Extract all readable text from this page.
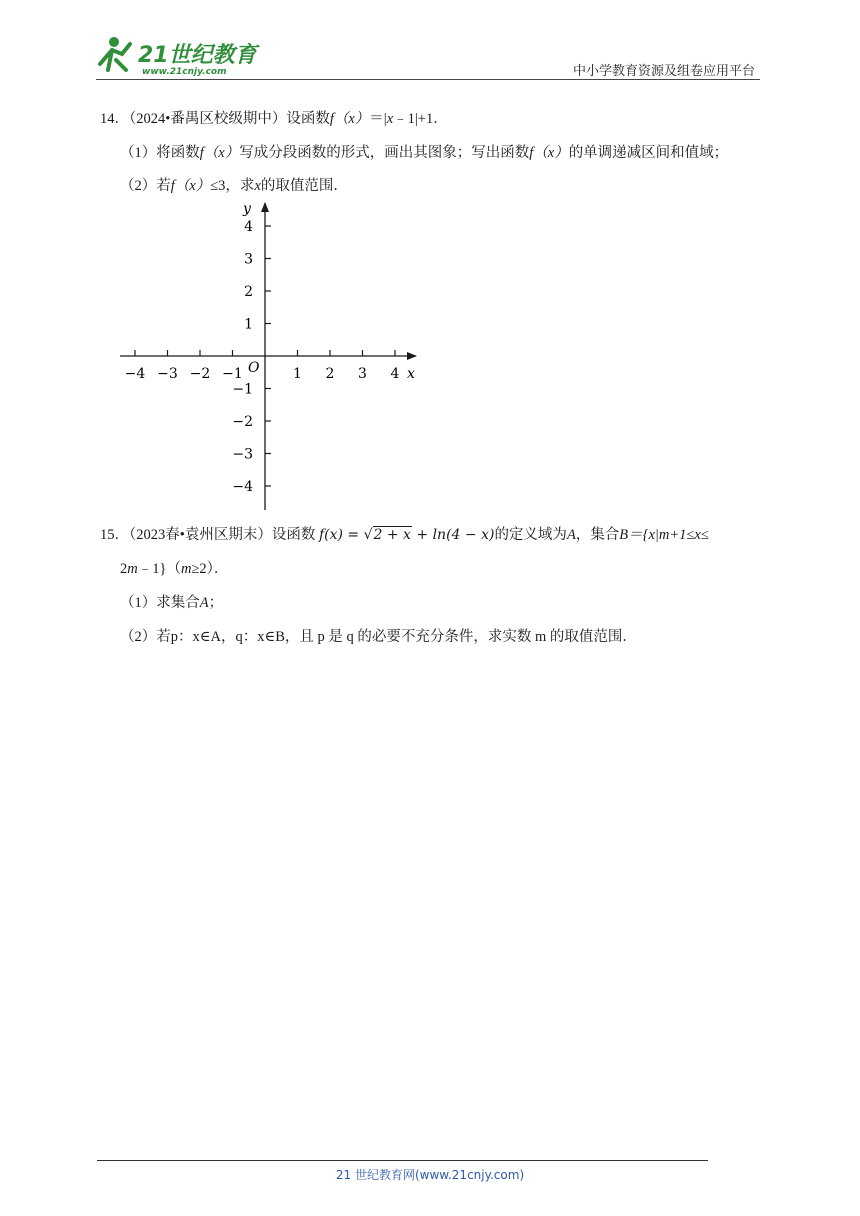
21世纪教育
www.21cnjy.com	中小学教育资源及组卷应用平台
14．（2024•番禺区校级期中）设函数f（x）＝|x﹣1|+1．
（1）将函数f（x）写成分段函数的形式，画出其图象；写出函数f（x）的单调递减区间和值域；
（2）若f（x）≤3，求x的取值范围．
−4 −3 −2 −1	1 2 3 4
4
3
2
1
−1
−2
−3
−4
y
x
O
15．（2023春•袁州区期末）设函数 f(x) = √2 + x + ln(4 − x)的定义域为A，集合B＝{x|m+1≤x≤
2m﹣1}（m≥2）．
（1）求集合A；
（2）若p：x∈A，q：x∈B，且 p 是 q 的必要不充分条件，求实数 m 的取值范围．
21 世纪教育网(www.21cnjy.com)
